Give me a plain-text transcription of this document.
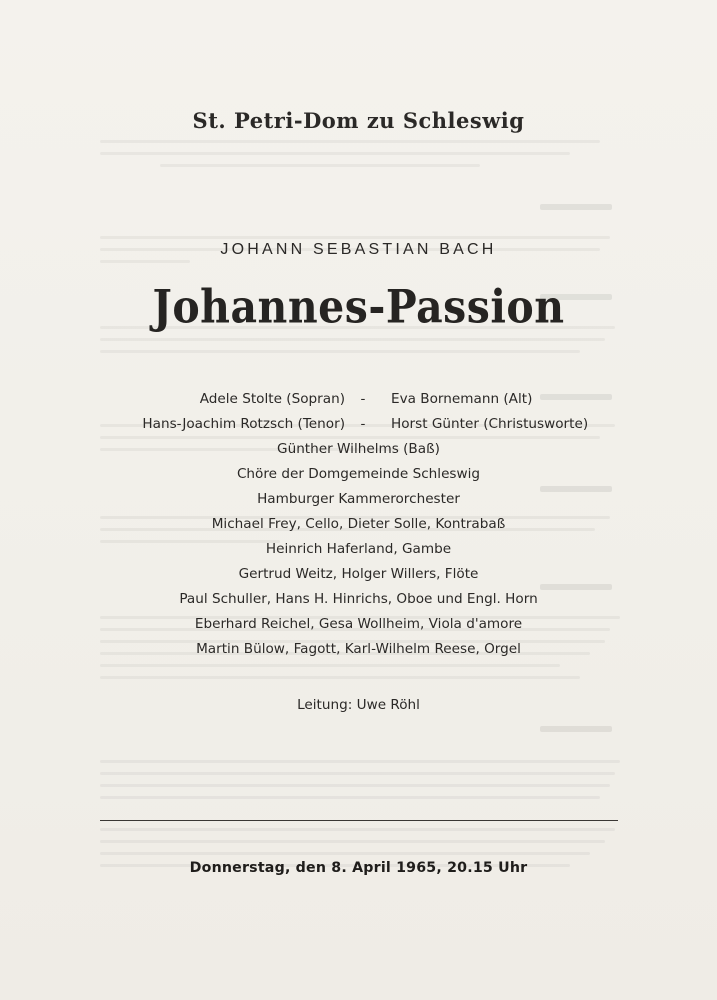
St. Petri-Dom zu Schleswig
JOHANN SEBASTIAN BACH
Johannes-Passion
Adele Stolte (Sopran)	-	Eva Bornemann (Alt)
Hans-Joachim Rotzsch (Tenor)	-	Horst Günter (Christusworte)
Günther Wilhelms (Baß)
Chöre der Domgemeinde Schleswig
Hamburger Kammerorchester
Michael Frey, Cello, Dieter Solle, Kontrabaß
Heinrich Haferland, Gambe
Gertrud Weitz, Holger Willers, Flöte
Paul Schuller, Hans H. Hinrichs, Oboe und Engl. Horn
Eberhard Reichel, Gesa Wollheim, Viola d'amore
Martin Bülow, Fagott, Karl-Wilhelm Reese, Orgel
Leitung: Uwe Röhl
Donnerstag, den 8. April 1965, 20.15 Uhr
